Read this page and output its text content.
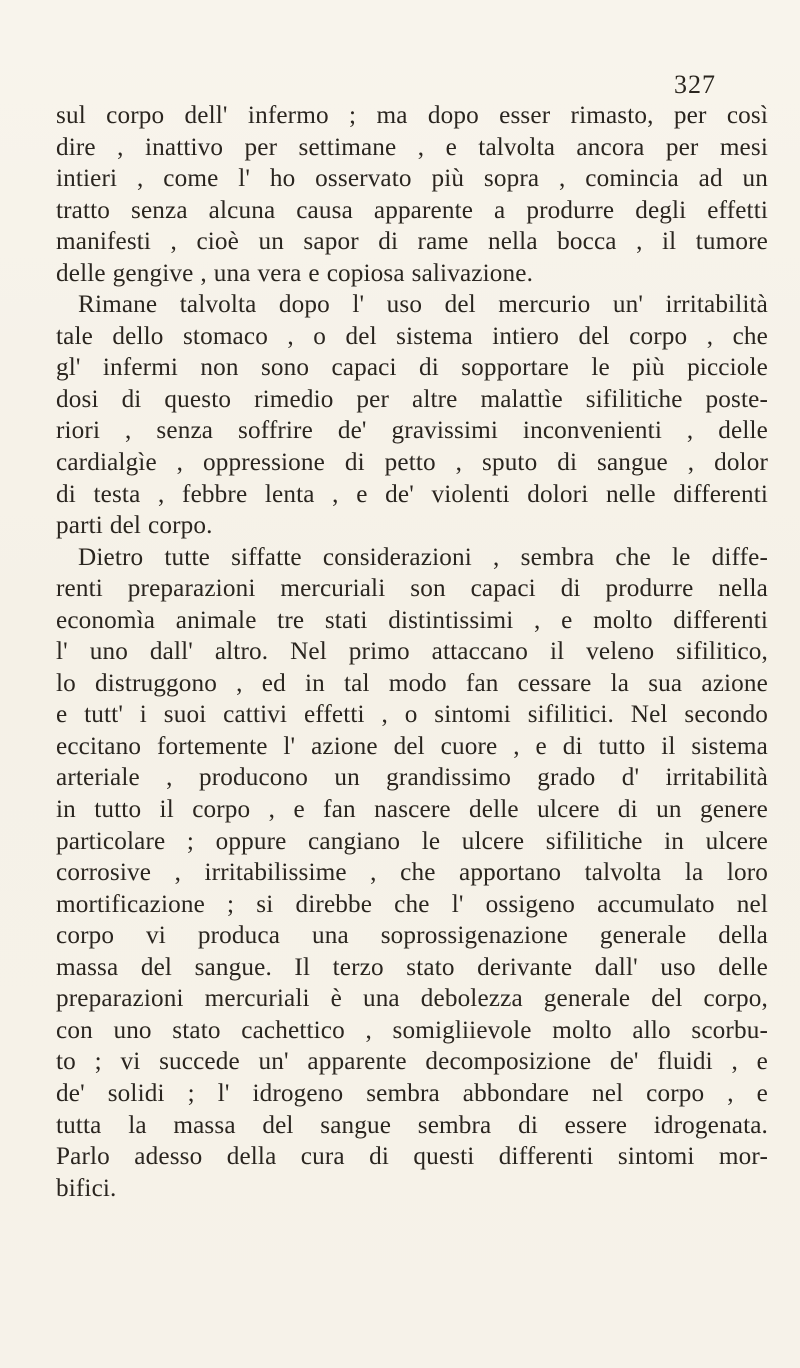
327
sul corpo dell' infermo ; ma dopo esser rimasto, per così
dire , inattivo per settimane , e talvolta ancora per mesi
intieri , come l' ho osservato più sopra , comincia ad un
tratto senza alcuna causa apparente a produrre degli effetti
manifesti , cioè un sapor di rame nella bocca , il tumore
delle gengive , una vera e copiosa salivazione.
Rimane talvolta dopo l' uso del mercurio un' irritabilità
tale dello stomaco , o del sistema intiero del corpo , che
gl' infermi non sono capaci di sopportare le più picciole
dosi di questo rimedio per altre malattìe sifilitiche poste-
riori , senza soffrire de' gravissimi inconvenienti , delle
cardialgìe , oppressione di petto , sputo di sangue , dolor
di testa , febbre lenta , e de' violenti dolori nelle differenti
parti del corpo.
Dietro tutte siffatte considerazioni , sembra che le diffe-
renti preparazioni mercuriali son capaci di produrre nella
economìa animale tre stati distintissimi , e molto differenti
l' uno dall' altro. Nel primo attaccano il veleno sifilitico,
lo distruggono , ed in tal modo fan cessare la sua azione
e tutt' i suoi cattivi effetti , o sintomi sifilitici. Nel secondo
eccitano fortemente l' azione del cuore , e di tutto il sistema
arteriale , producono un grandissimo grado d' irritabilità
in tutto il corpo , e fan nascere delle ulcere di un genere
particolare ; oppure cangiano le ulcere sifilitiche in ulcere
corrosive , irritabilissime , che apportano talvolta la loro
mortificazione ; si direbbe che l' ossigeno accumulato nel
corpo vi produca una soprossigenazione generale della
massa del sangue. Il terzo stato derivante dall' uso delle
preparazioni mercuriali è una debolezza generale del corpo,
con uno stato cachettico , somigliievole molto allo scorbu-
to ; vi succede un' apparente decomposizione de' fluidi , e
de' solidi ; l' idrogeno sembra abbondare nel corpo , e
tutta la massa del sangue sembra di essere idrogenata.
Parlo adesso della cura di questi differenti sintomi mor-
bifici.
